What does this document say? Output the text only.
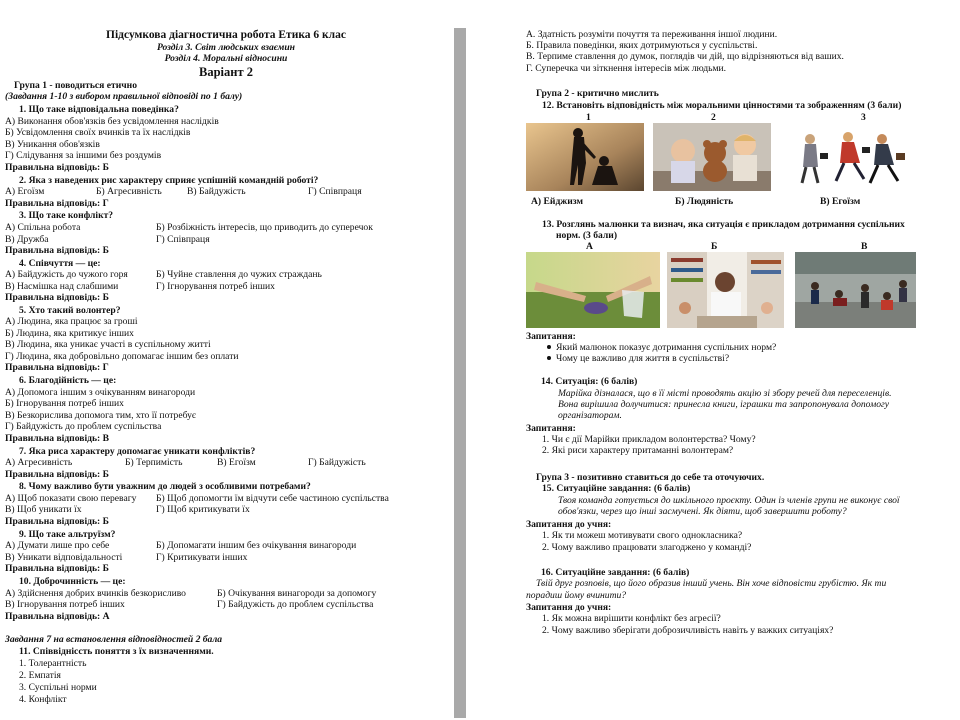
Підсумкова діагностична робота Етика 6 клас
Розділ 3. Світ людських взаємин
Розділ 4. Моральні відносини
Варіант 2
Група 1 - поводиться етично
(Завдання 1-10 з вибором правильної відповіді по 1 балу)
1. Що таке відповідальна поведінка?
А) Виконання обов'язків без усвідомлення наслідків
Б) Усвідомлення своїх вчинків та їх наслідків
В) Уникання обов'язків
Г) Слідування за іншими без роздумів
Правильна відповідь: Б
2. Яка з наведених рис характеру сприяє успішній командній роботі?
А) Егоїзм	Б) Агресивність	В) Байдужість	Г) Співпраця
Правильна відповідь: Г
3. Що таке конфлікт?
А) Спільна робота	Б) Розбіжність інтересів, що приводить до суперечок
В) Дружба	Г) Співпраця
Правильна відповідь: Б
4. Співчуття — це:
А) Байдужість до чужого горя	Б) Чуйне ставлення до чужих страждань
В) Насмішка над слабшими	Г) Ігнорування потреб інших
Правильна відповідь: Б
5. Хто такий волонтер?
А) Людина, яка працює за гроші
Б) Людина, яка критикує інших
В) Людина, яка уникає участі в суспільному житті
Г) Людина, яка добровільно допомагає іншим без оплати
Правильна відповідь: Г
6. Благодійність — це:
А) Допомога іншим з очікуванням винагороди
Б) Ігнорування потреб інших
В) Безкорислива допомога тим, хто її потребує
Г) Байдужість до проблем суспільства
Правильна відповідь: В
7. Яка риса характеру допомагає уникати конфліктів?
А) Агресивність	Б) Терпимість	В) Егоїзм	Г) Байдужість
Правильна відповідь: Б
8. Чому важливо бути уважним до людей з особливими потребами?
А) Щоб показати свою перевагу Б) Щоб допомогти їм відчути себе частиною суспільства
В) Щоб уникати їх	Г) Щоб критикувати їх
Правильна відповідь: Б
9. Що таке альтруїзм?
А) Думати лише про себе	Б) Допомагати іншим без очікування винагороди
В) Уникати відповідальності	Г) Критикувати інших
Правильна відповідь: Б
10. Доброчинність — це:
А) Здійснення добрих вчинків безкорисливо	Б) Очікування винагороди за допомогу
В) Ігнорування потреб інших	Г) Байдужість до проблем суспільства
Правильна відповідь: А
Завдання 7 на встановлення відповідностей 2 бала
11. Співвідніссть поняття з їх визначеннями.
1. Толерантність
2. Емпатія
3. Суспільні норми
4. Конфлікт
А. Здатність розуміти почуття та переживання іншої людини.
Б. Правила поведінки, яких дотримуються у суспільстві.
В. Терпиме ставлення до думок, поглядів чи дій, що відрізняються від ваших.
Г. Суперечка чи зіткнення інтересів між людьми.
Група 2 - критично мислить
12. Встановіть відповідність між моральними цінностями та зображенням (3 бали)
1	2	3
А) Ейджизм	Б) Людяність	В) Егоїзм
13. Розглянь малюнки та визнач, яка ситуація є прикладом дотримання суспільних
норм. (3 бали)
А	Б	В
Запитання:
Який малюнок показує дотримання суспільних норм?
Чому це важливо для життя в суспільстві?
14. Ситуація: (6 балів)
Марійка дізналася, що в її місті проводять акцію зі збору речей для переселенців.
Вона вирішила долучитися: принесла книги, іграшки та запропонувала допомогу
організаторам.
Запитання:
1. Чи є дії Марійки прикладом волонтерства? Чому?
2. Які риси характеру притаманні волонтерам?
Група 3 - позитивно ставиться до себе та оточуючих.
15. Ситуаційне завдання: (6 балів)
Твоя команда готується до шкільного проєкту. Один із членів групи не виконує свої
обов'язки, через що інші засмучені. Як діяти, щоб завершити роботу?
Запитання до учня:
1. Як ти можеш мотивувати свого однокласника?
2. Чому важливо працювати злагоджено у команді?
16. Ситуаційне завдання: (6 балів)
Твій друг розповів, що його образив інший учень. Він хоче відповісти грубістю. Як ти
порадиш йому вчинити?
Запитання до учня:
1. Як можна вирішити конфлікт без агресії?
2. Чому важливо зберігати доброзичливість навіть у важких ситуаціях?
